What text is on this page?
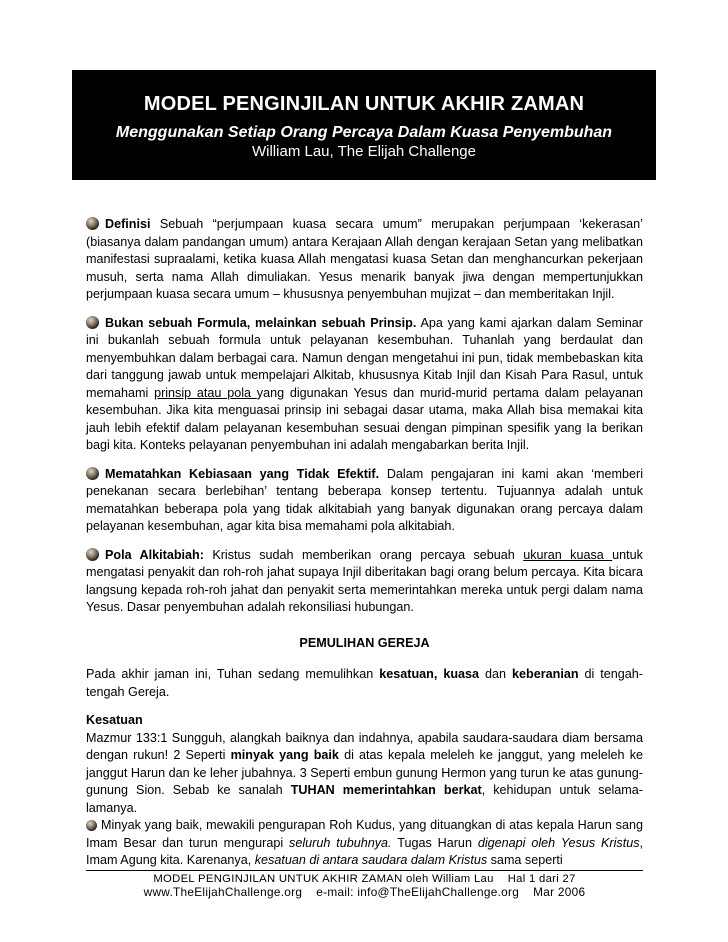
MODEL PENGINJILAN UNTUK AKHIR ZAMAN
Menggunakan Setiap Orang Percaya Dalam Kuasa Penyembuhan
William Lau, The Elijah Challenge

Definisi Sebuah “perjumpaan kuasa secara umum” merupakan perjumpaan ‘kekerasan’ (biasanya dalam pandangan umum) antara Kerajaan Allah dengan kerajaan Setan yang melibatkan manifestasi supraalami, ketika kuasa Allah mengatasi kuasa Setan dan menghancurkan pekerjaan musuh, serta nama Allah dimuliakan. Yesus menarik banyak jiwa dengan mempertunjukkan perjumpaan kuasa secara umum – khususnya penyembuhan mujizat – dan memberitakan Injil.

Bukan sebuah Formula, melainkan sebuah Prinsip. Apa yang kami ajarkan dalam Seminar ini bukanlah sebuah formula untuk pelayanan kesembuhan. Tuhanlah yang berdaulat dan menyembuhkan dalam berbagai cara. Namun dengan mengetahui ini pun, tidak membebaskan kita dari tanggung jawab untuk mempelajari Alkitab, khususnya Kitab Injil dan Kisah Para Rasul, untuk memahami prinsip atau pola yang digunakan Yesus dan murid-murid pertama dalam pelayanan kesembuhan. Jika kita menguasai prinsip ini sebagai dasar utama, maka Allah bisa memakai kita jauh lebih efektif dalam pelayanan kesembuhan sesuai dengan pimpinan spesifik yang Ia berikan bagi kita. Konteks pelayanan penyembuhan ini adalah mengabarkan berita Injil.

Mematahkan Kebiasaan yang Tidak Efektif. Dalam pengajaran ini kami akan ‘memberi penekanan secara berlebihan’ tentang beberapa konsep tertentu. Tujuannya adalah untuk mematahkan beberapa pola yang tidak alkitabiah yang banyak digunakan orang percaya dalam pelayanan kesembuhan, agar kita bisa memahami pola alkitabiah.

Pola Alkitabiah: Kristus sudah memberikan orang percaya sebuah ukuran kuasa untuk mengatasi penyakit dan roh-roh jahat supaya Injil diberitakan bagi orang belum percaya. Kita bicara langsung kepada roh-roh jahat dan penyakit serta memerintahkan mereka untuk pergi dalam nama Yesus. Dasar penyembuhan adalah rekonsiliasi hubungan.

PEMULIHAN GEREJA

Pada akhir jaman ini, Tuhan sedang memulihkan kesatuan, kuasa dan keberanian di tengah-tengah Gereja.

Kesatuan

Mazmur 133:1 Sungguh, alangkah baiknya dan indahnya, apabila saudara-saudara diam bersama dengan rukun! 2 Seperti minyak yang baik di atas kepala meleleh ke janggut, yang meleleh ke janggut Harun dan ke leher jubahnya. 3 Seperti embun gunung Hermon yang turun ke atas gunung-gunung Sion. Sebab ke sanalah TUHAN memerintahkan berkat, kehidupan untuk selama-lamanya.

Minyak yang baik, mewakili pengurapan Roh Kudus, yang dituangkan di atas kepala Harun sang Imam Besar dan turun mengurapi seluruh tubuhnya. Tugas Harun digenapi oleh Yesus Kristus, Imam Agung kita. Karenanya, kesatuan di antara saudara dalam Kristus sama seperti

MODEL PENGINJILAN UNTUK AKHIR ZAMAN oleh William Lau Hal 1 dari 27
www.TheElijahChallenge.org e-mail: info@TheElijahChallenge.org Mar 2006
